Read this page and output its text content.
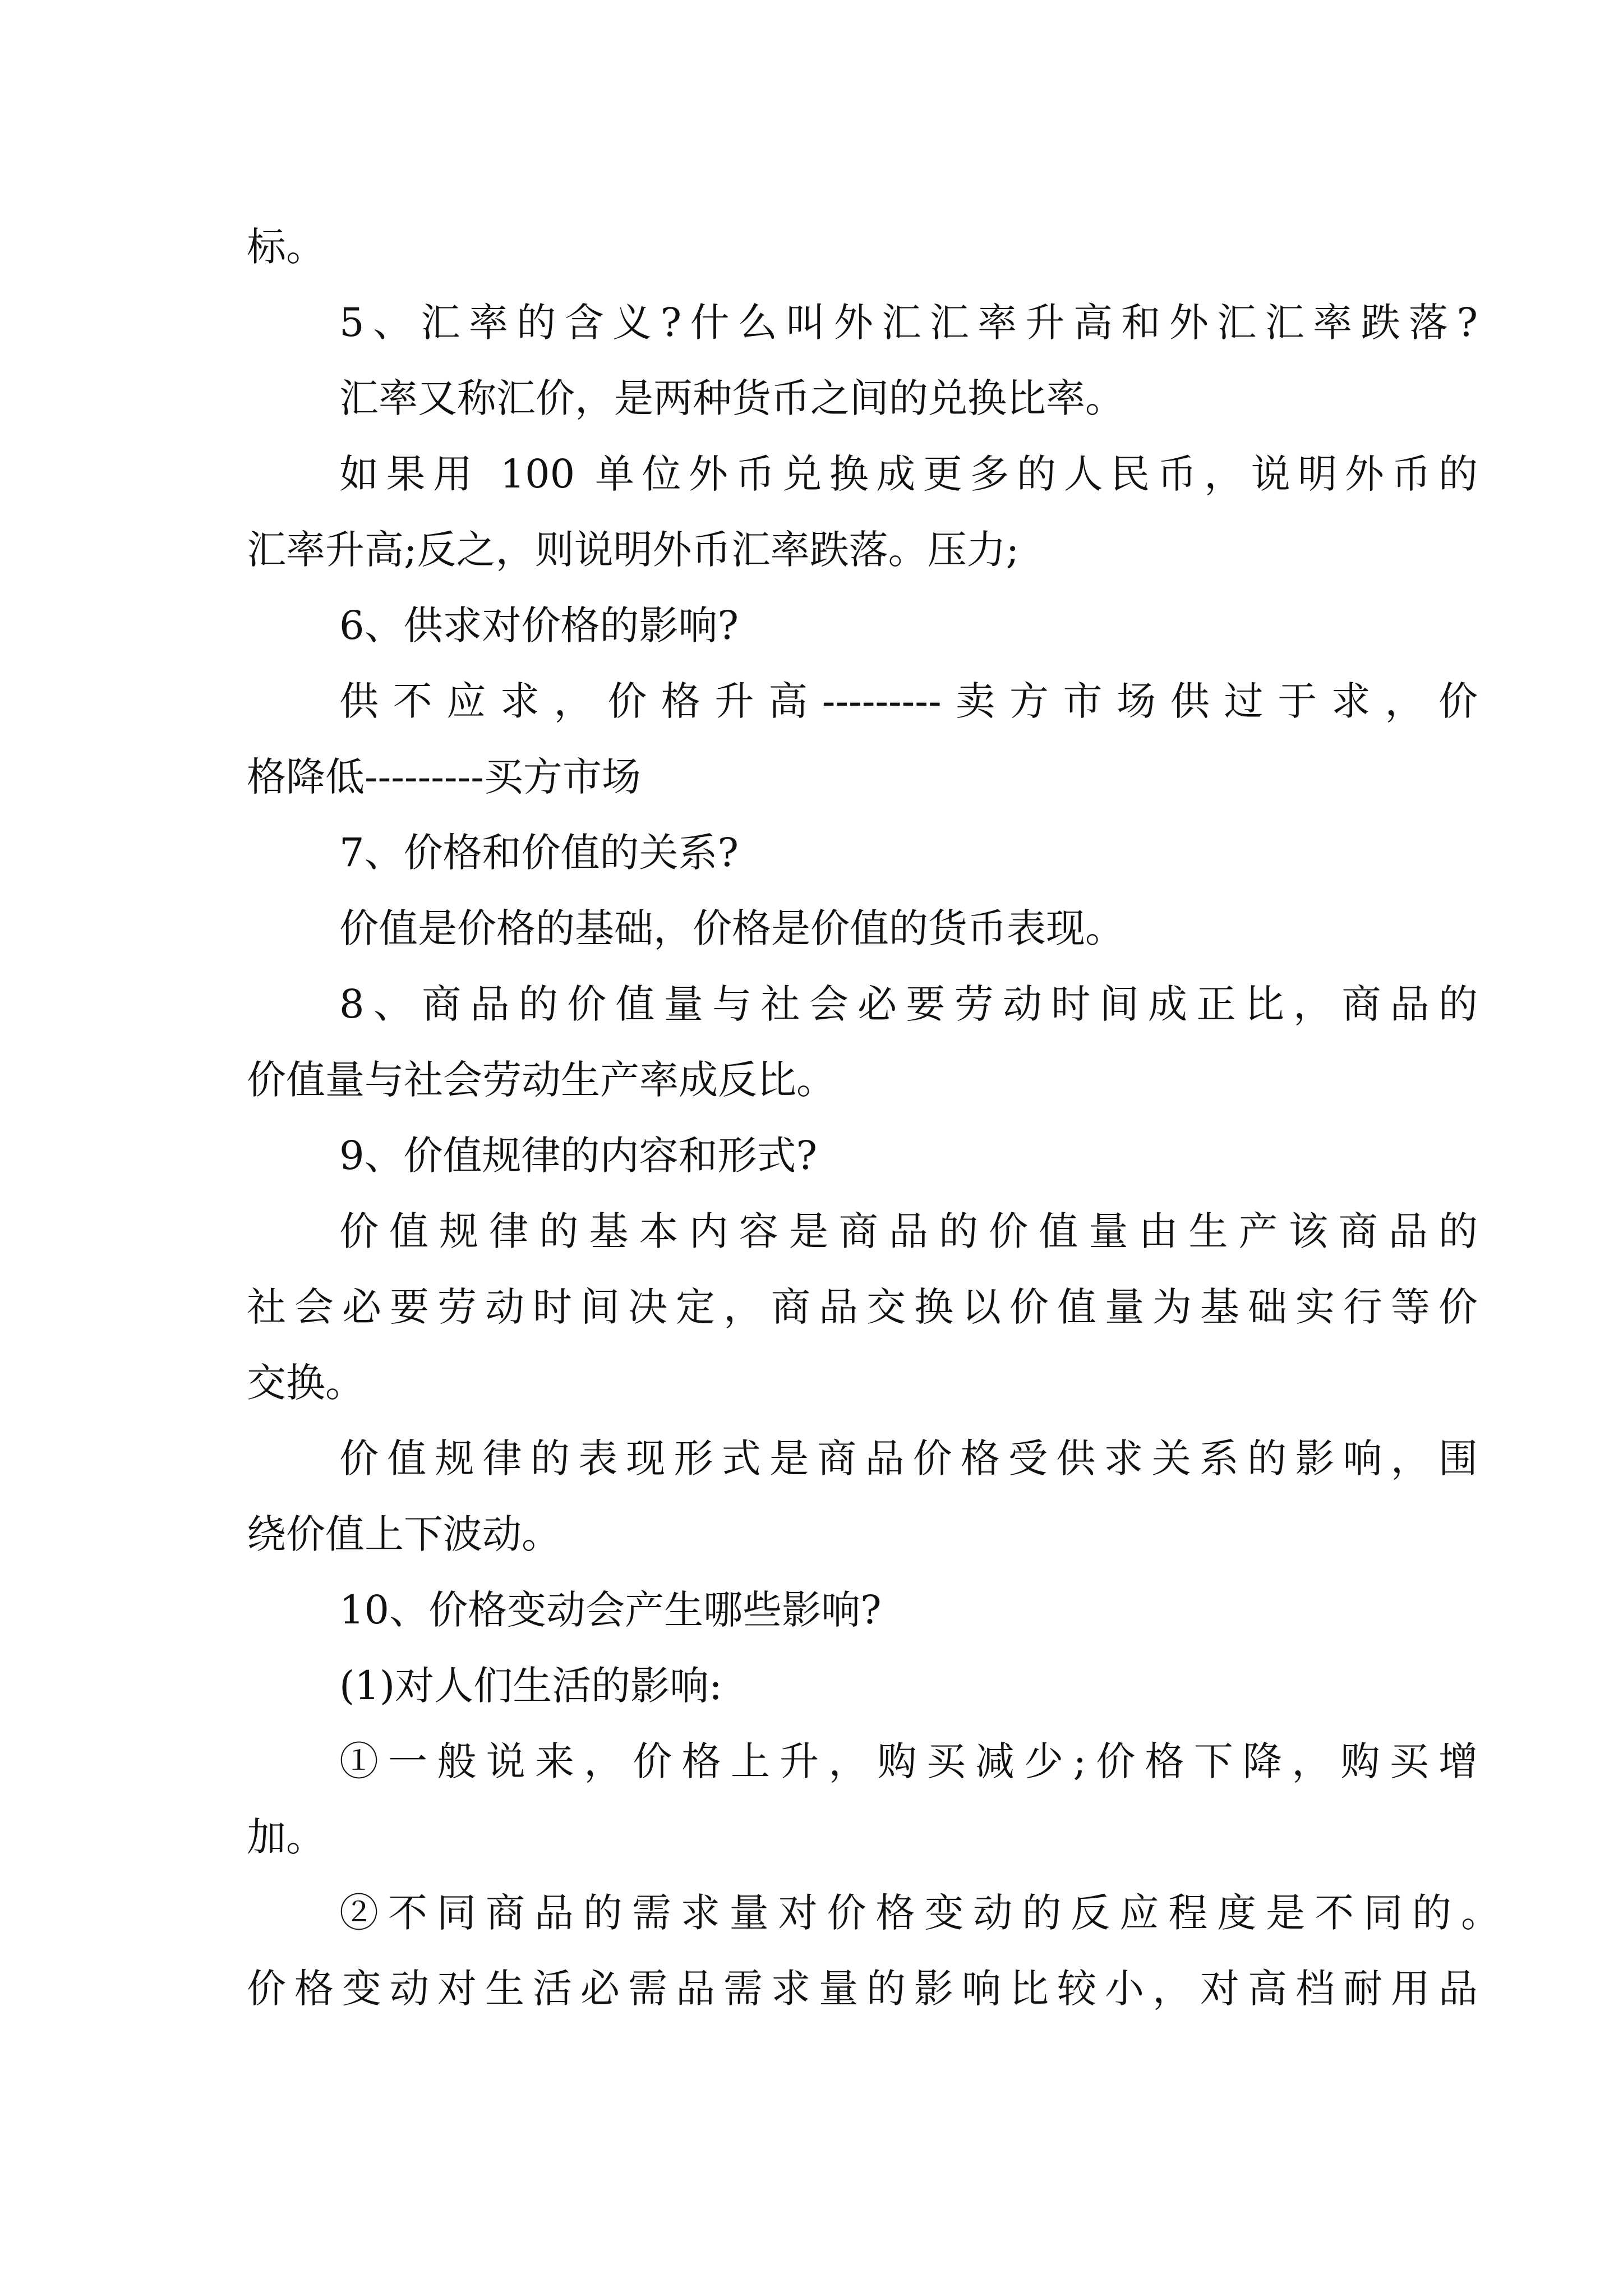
标。
5、汇率的含义?什么叫外汇汇率升高和外汇汇率跌落?
汇率又称汇价，是两种货币之间的兑换比率。
如果用 100 单位外币兑换成更多的人民币，说明外币的
汇率升高;反之，则说明外币汇率跌落。压力;
6、供求对价格的影响?
供不应求，价格升高---------卖方市场供过于求，价
格降低---------买方市场
7、价格和价值的关系?
价值是价格的基础，价格是价值的货币表现。
8、商品的价值量与社会必要劳动时间成正比，商品的
价值量与社会劳动生产率成反比。
9、价值规律的内容和形式?
价值规律的基本内容是商品的价值量由生产该商品的
社会必要劳动时间决定，商品交换以价值量为基础实行等价
交换。
价值规律的表现形式是商品价格受供求关系的影响，围
绕价值上下波动。
10、价格变动会产生哪些影响?
(1)对人们生活的影响:
①一般说来，价格上升，购买减少;价格下降，购买增
加。
②不同商品的需求量对价格变动的反应程度是不同的。
价格变动对生活必需品需求量的影响比较小，对高档耐用品
